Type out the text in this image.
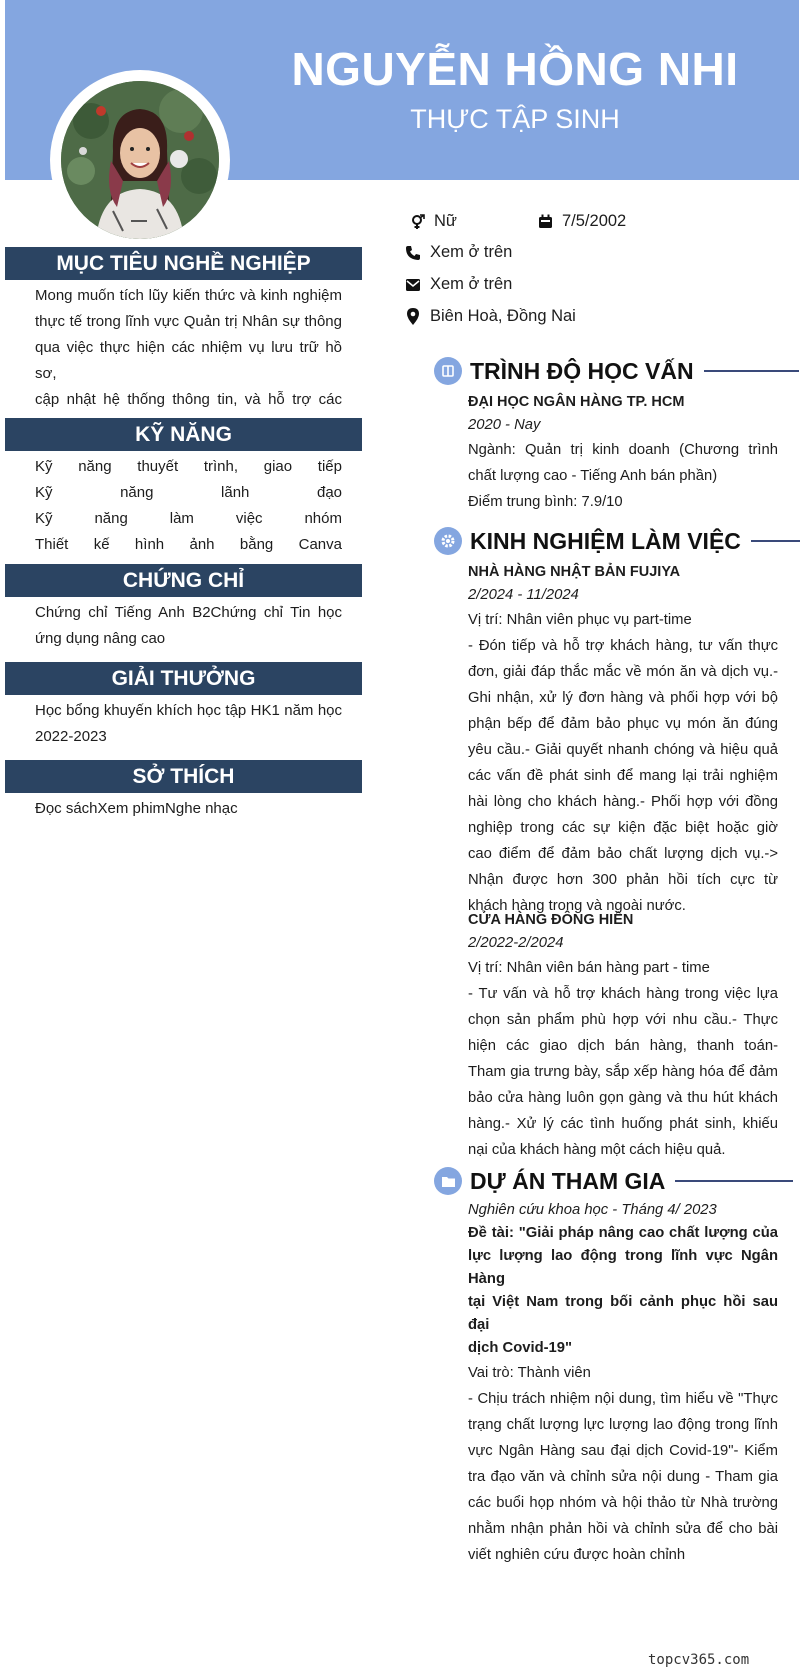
NGUYỄN HỒNG NHI
THỰC TẬP SINH
Nữ	7/5/2002
Xem ở trên
Xem ở trên
Biên Hoà, Đồng Nai
MỤC TIÊU NGHỀ NGHIỆP
Mong muốn tích lũy kiến thức và kinh nghiệm
thực tế trong lĩnh vực Quản trị Nhân sự thông
qua việc thực hiện các nhiệm vụ lưu trữ hồ sơ,
cập nhật hệ thống thông tin, và hỗ trợ các
KỸ NĂNG
Kỹ năng thuyết trình, giao tiếp
Kỹ năng lãnh đạo
Kỹ năng làm việc nhóm
Thiết kế hình ảnh bằng Canva
CHỨNG CHỈ
Chứng chỉ Tiếng Anh B2Chứng chỉ Tin học
ứng dụng nâng cao
GIẢI THƯỞNG
Học bổng khuyến khích học tập HK1 năm học
2022-2023
SỞ THÍCH
Đọc sáchXem phimNghe nhạc
TRÌNH ĐỘ HỌC VẤN
ĐẠI HỌC NGÂN HÀNG TP. HCM
2020 - Nay
Ngành: Quản trị kinh doanh (Chương trình
chất lượng cao - Tiếng Anh bán phần)
Điểm trung bình: 7.9/10
KINH NGHIỆM LÀM VIỆC
NHÀ HÀNG NHẬT BẢN FUJIYA
2/2024 - 11/2024
Vị trí: Nhân viên phục vụ part-time
- Đón tiếp và hỗ trợ khách hàng, tư vấn thực
đơn, giải đáp thắc mắc về món ăn và dịch vụ.-
Ghi nhận, xử lý đơn hàng và phối hợp với bộ
phận bếp để đảm bảo phục vụ món ăn đúng
yêu cầu.- Giải quyết nhanh chóng và hiệu quả
các vấn đề phát sinh để mang lại trải nghiệm
hài lòng cho khách hàng.- Phối hợp với đồng
nghiệp trong các sự kiện đặc biệt hoặc giờ
cao điểm để đảm bảo chất lượng dịch vụ.->
Nhận được hơn 300 phản hồi tích cực từ
khách hàng trong và ngoài nước.
CỬA HÀNG ĐÔNG HIỀN
2/2022-2/2024
Vị trí: Nhân viên bán hàng part - time
- Tư vấn và hỗ trợ khách hàng trong việc lựa
chọn sản phẩm phù hợp với nhu cầu.- Thực
hiện các giao dịch bán hàng, thanh toán-
Tham gia trưng bày, sắp xếp hàng hóa để đảm
bảo cửa hàng luôn gọn gàng và thu hút khách
hàng.- Xử lý các tình huống phát sinh, khiếu
nại của khách hàng một cách hiệu quả.
DỰ ÁN THAM GIA
Nghiên cứu khoa học - Tháng 4/ 2023
Đề tài: "Giải pháp nâng cao chất lượng của
lực lượng lao động trong lĩnh vực Ngân Hàng
tại Việt Nam trong bối cảnh phục hồi sau đại
dịch Covid-19"
Vai trò: Thành viên
- Chịu trách nhiệm nội dung, tìm hiểu về "Thực
trạng chất lượng lực lượng lao động trong lĩnh
vực Ngân Hàng sau đại dịch Covid-19"- Kiểm
tra đạo văn và chỉnh sửa nội dung - Tham gia
các buổi họp nhóm và hội thảo từ Nhà trường
nhằm nhận phản hồi và chỉnh sửa để cho bài
viết nghiên cứu được hoàn chỉnh
topcv365.com
